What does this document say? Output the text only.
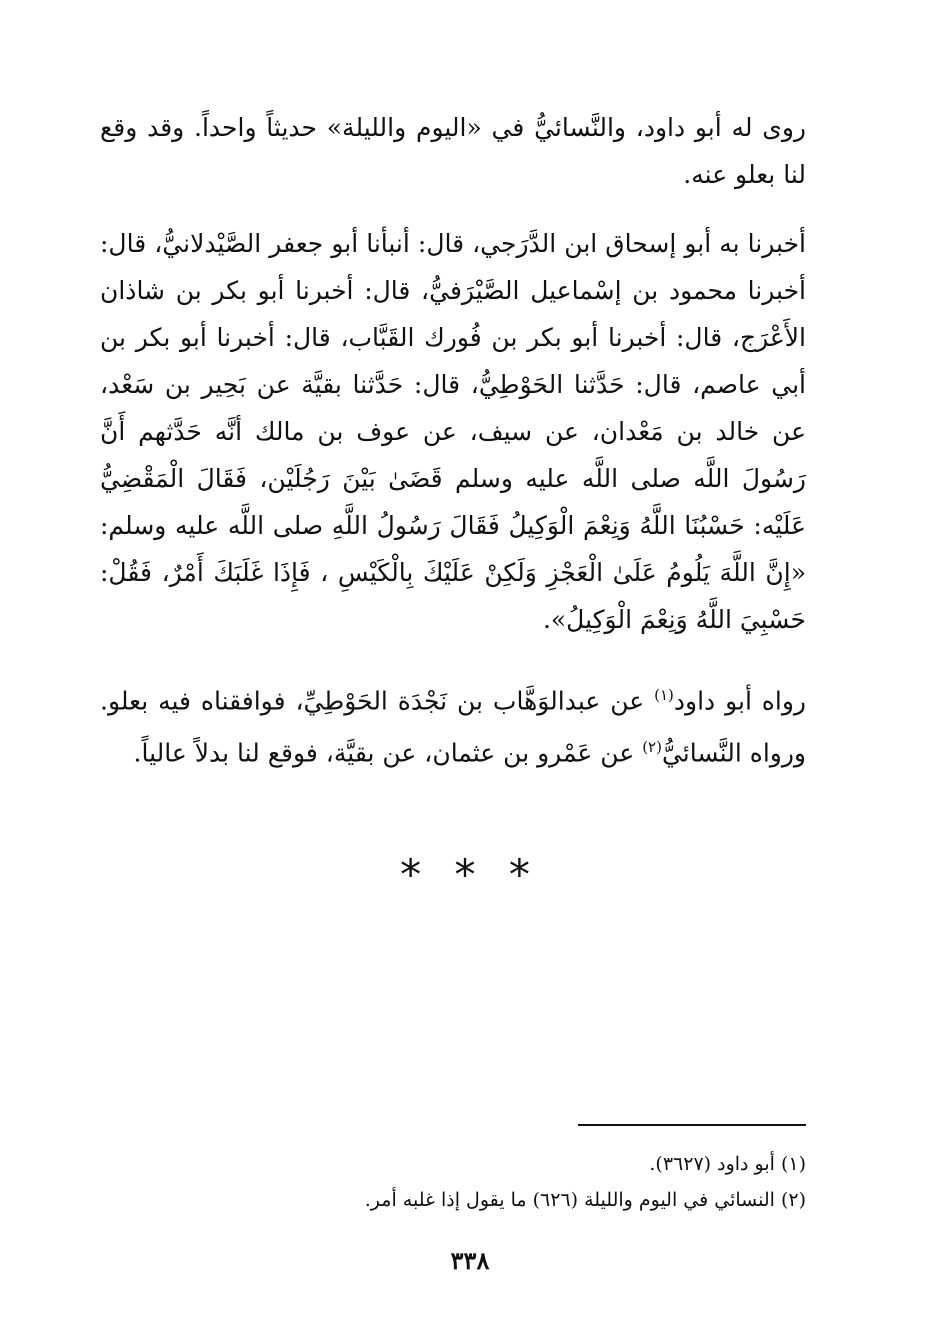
روى له أبو داود، والنَّسائيُّ في «اليوم والليلة» حديثاً واحداً. وقد وقع لنا بعلو عنه.

أخبرنا به أبو إسحاق ابن الدَّرَجي، قال: أنبأنا أبو جعفر الصَّيْدلانيُّ، قال: أخبرنا محمود بن إسْماعيل الصَّيْرَفيُّ، قال: أخبرنا أبو بكر بن شاذان الأَعْرَج، قال: أخبرنا أبو بكر بن فُورك القَبَّاب، قال: أخبرنا أبو بكر بن أبي عاصم، قال: حَدَّثنا الحَوْطِيُّ، قال: حَدَّثنا بقيَّة عن بَحِير بن سَعْد، عن خالد بن مَعْدان، عن سيف، عن عوف بن مالك أنَّه حَدَّثهم أَنَّ رَسُولَ اللَّه صلى اللَّه عليه وسلم قَضَىٰ بَيْنَ رَجُلَيْن، فَقَالَ الْمَقْضِيُّ عَلَيْه: حَسْبُنَا اللَّهُ وَنِعْمَ الْوَكِيلُ فَقَالَ رَسُولُ اللَّهِ صلى اللَّه عليه وسلم: «إِنَّ اللَّهَ يَلُومُ عَلَىٰ الْعَجْزِ وَلَكِنْ عَلَيْكَ بِالْكَيْسِ ، فَإِذَا غَلَبَكَ أَمْرٌ، فَقُلْ: حَسْبِيَ اللَّهُ وَنِعْمَ الْوَكِيلُ».

رواه أبو داود$^{(١)}$ عن عبدالوَهَّاب بن نَجْدَة الحَوْطِيِّ، فوافقناه فيه بعلو. ورواه النَّسائيُّ$^{(٢)}$ عن عَمْرو بن عثمان، عن بقيَّة، فوقع لنا بدلاً عالياً.

* * *
(١) أبو داود (٣٦٢٧).
(٢) النسائي في اليوم والليلة (٦٢٦) ما يقول إذا غلبه أمر.
٣٣٨
